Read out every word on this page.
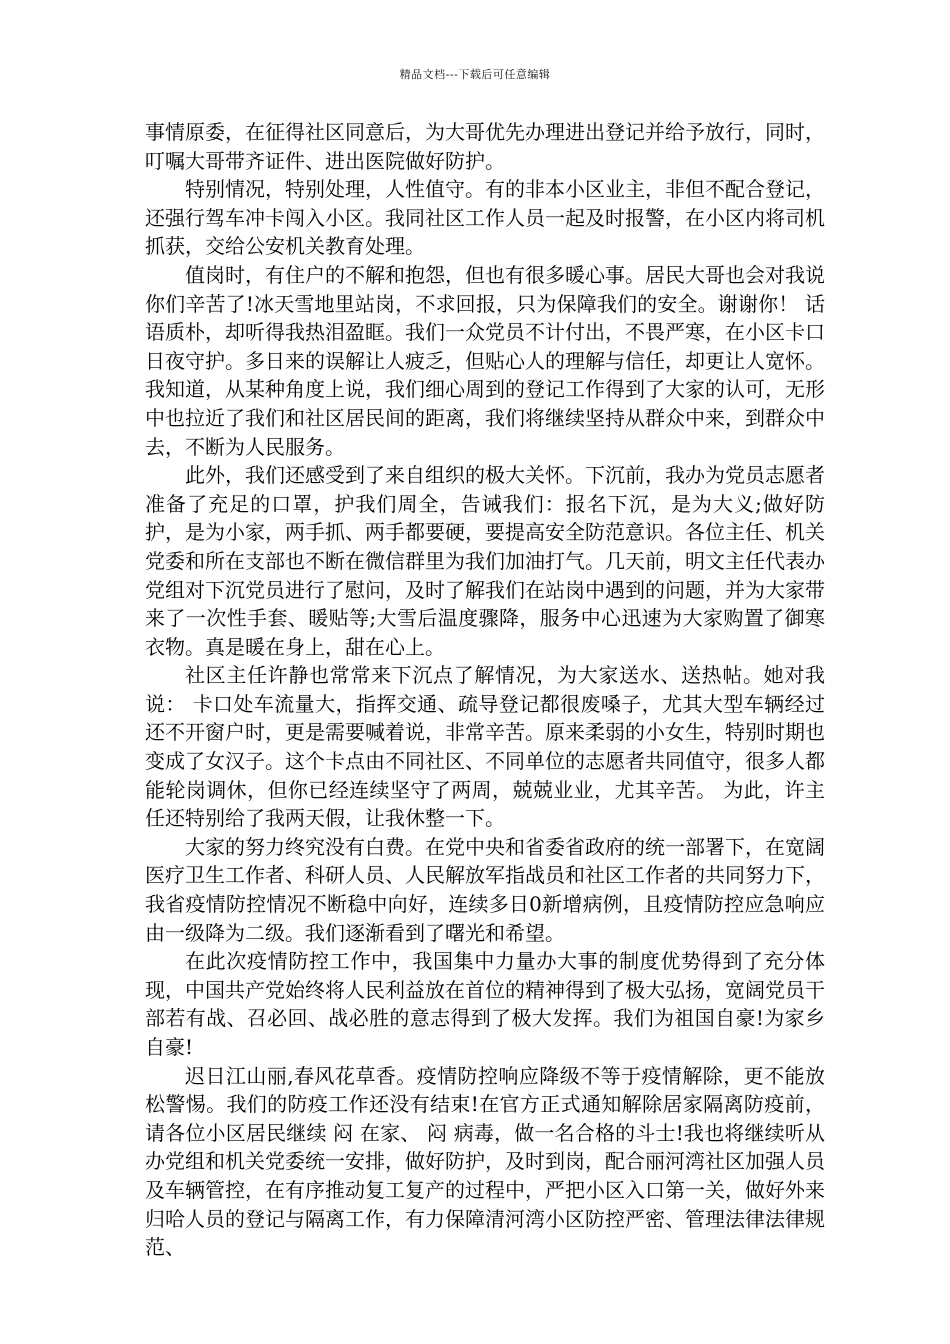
精品文档---下载后可任意编辑

事情原委，在征得社区同意后，为大哥优先办理进出登记并给予放行，同时，叮嘱大哥带齐证件、进出医院做好防护。

特别情况，特别处理，人性值守。有的非本小区业主，非但不配合登记，还强行驾车冲卡闯入小区。我同社区工作人员一起及时报警，在小区内将司机抓获，交给公安机关教育处理。

值岗时，有住户的不解和抱怨，但也有很多暖心事。居民大哥也会对我说 你们辛苦了!冰天雪地里站岗，不求回报，只为保障我们的安全。谢谢你！ 话语质朴，却听得我热泪盈眶。我们一众党员不计付出，不畏严寒，在小区卡口日夜守护。多日来的误解让人疲乏，但贴心人的理解与信任，却更让人宽怀。我知道，从某种角度上说，我们细心周到的登记工作得到了大家的认可，无形中也拉近了我们和社区居民间的距离，我们将继续坚持从群众中来，到群众中去，不断为人民服务。

此外，我们还感受到了来自组织的极大关怀。下沉前，我办为党员志愿者准备了充足的口罩，护我们周全，告诫我们：报名下沉，是为大义;做好防护，是为小家，两手抓、两手都要硬，要提高安全防范意识。各位主任、机关党委和所在支部也不断在微信群里为我们加油打气。几天前，明文主任代表办党组对下沉党员进行了慰问，及时了解我们在站岗中遇到的问题，并为大家带来了一次性手套、暖贴等;大雪后温度骤降，服务中心迅速为大家购置了御寒衣物。真是暖在身上，甜在心上。

社区主任许静也常常来下沉点了解情况，为大家送水、送热帖。她对我说： 卡口处车流量大，指挥交通、疏导登记都很废嗓子，尤其大型车辆经过还不开窗户时，更是需要喊着说，非常辛苦。原来柔弱的小女生，特别时期也变成了女汉子。这个卡点由不同社区、不同单位的志愿者共同值守，很多人都能轮岗调休，但你已经连续坚守了两周，兢兢业业，尤其辛苦。 为此，许主任还特别给了我两天假，让我休整一下。

大家的努力终究没有白费。在党中央和省委省政府的统一部署下，在宽阔医疗卫生工作者、科研人员、人民解放军指战员和社区工作者的共同努力下，我省疫情防控情况不断稳中向好，连续多日0新增病例，且疫情防控应急响应由一级降为二级。我们逐渐看到了曙光和希望。

在此次疫情防控工作中，我国集中力量办大事的制度优势得到了充分体现，中国共产党始终将人民利益放在首位的精神得到了极大弘扬，宽阔党员干部若有战、召必回、战必胜的意志得到了极大发挥。我们为祖国自豪!为家乡自豪!

迟日江山丽,春风花草香。疫情防控响应降级不等于疫情解除，更不能放松警惕。我们的防疫工作还没有结束!在官方正式通知解除居家隔离防疫前，请各位小区居民继续 闷 在家、 闷 病毒，做一名合格的斗士!我也将继续听从办党组和机关党委统一安排，做好防护，及时到岗，配合丽河湾社区加强人员及车辆管控，在有序推动复工复产的过程中，严把小区入口第一关，做好外来归哈人员的登记与隔离工作，有力保障清河湾小区防控严密、管理法律法律规范、
